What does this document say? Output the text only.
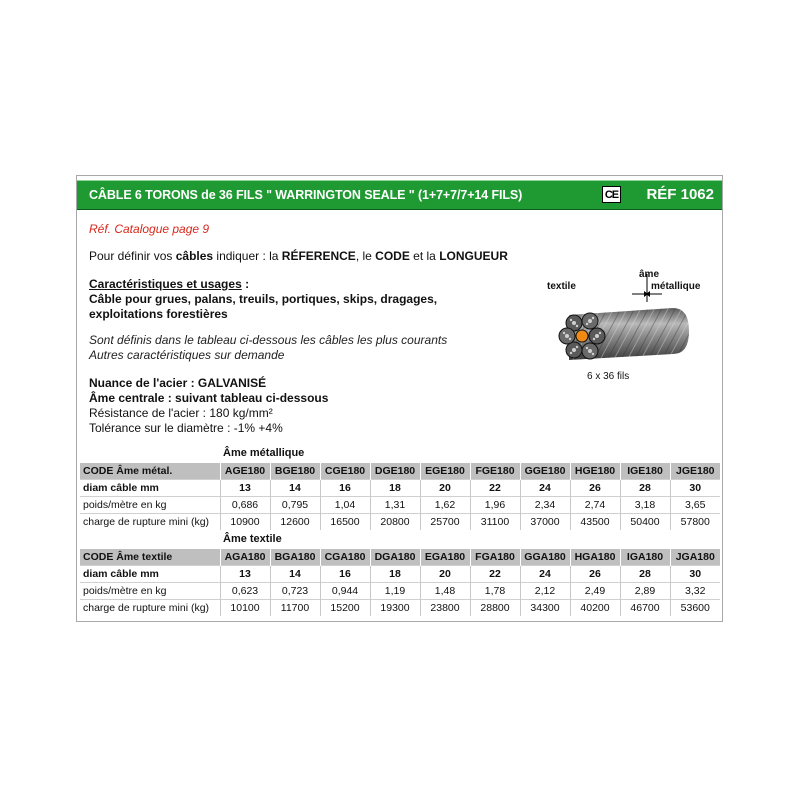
CÂBLE 6 TORONS de 36 FILS " WARRINGTON SEALE " (1+7+7/7+14 FILS)	CE RÉF 1062
Réf. Catalogue page 9
Pour définir vos câbles indiquer : la RÉFERENCE, le CODE et la LONGUEUR
Caractéristiques et usages :
Câble pour grues, palans, treuils, portiques, skips, dragages,
exploitations forestières
Sont définis dans le tableau ci-dessous les câbles les plus courants
Autres caractéristiques sur demande
Nuance de l'acier : GALVANISÉ
Âme centrale : suivant tableau ci-dessous
Résistance de l'acier : 180 kg/mm²
Tolérance sur le diamètre : -1% +4%
âme
textile	métallique
6 x 36 fils
Âme métallique
CODE Âme métal.	AGE180	BGE180	CGE180	DGE180	EGE180	FGE180	GGE180	HGE180	IGE180	JGE180
diam câble mm	13	14	16	18	20	22	24	26	28	30
poids/mètre en kg	0,686	0,795	1,04	1,31	1,62	1,96	2,34	2,74	3,18	3,65
charge de rupture mini (kg)	10900	12600	16500	20800	25700	31100	37000	43500	50400	57800
Âme textile
CODE Âme textile	AGA180	BGA180	CGA180	DGA180	EGA180	FGA180	GGA180	HGA180	IGA180	JGA180
diam câble mm	13	14	16	18	20	22	24	26	28	30
poids/mètre en kg	0,623	0,723	0,944	1,19	1,48	1,78	2,12	2,49	2,89	3,32
charge de rupture mini (kg)	10100	11700	15200	19300	23800	28800	34300	40200	46700	53600
